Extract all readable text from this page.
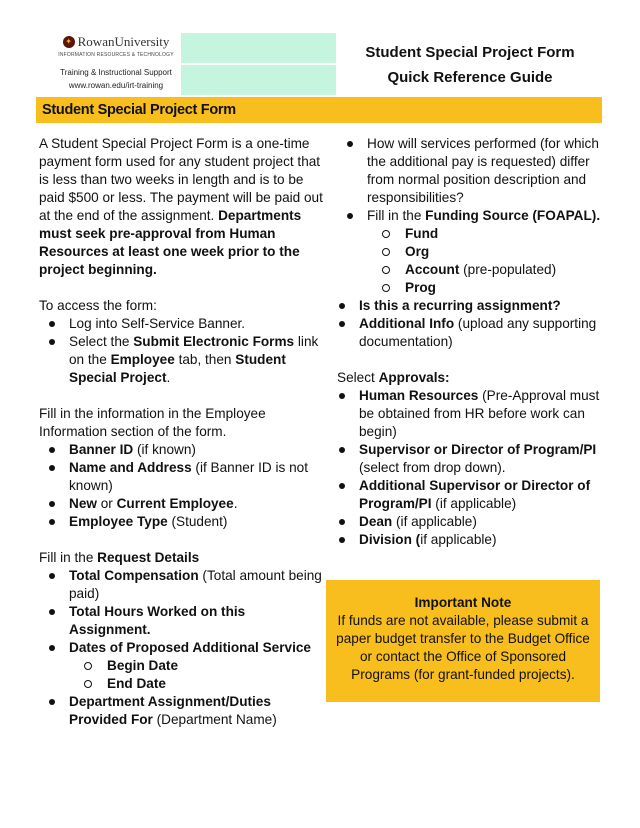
✦ RowanUniversity
INFORMATION RESOURCES & TECHNOLOGY
Training & Instructional Support
www.rowan.edu/irt-training
Student Special Project Form
Quick Reference Guide
Student Special Project Form

A Student Special Project Form is a one-time payment form used for any student project that is less than two weeks in length and is to be paid $500 or less. The payment will be paid out at the end of the assignment. Departments must seek pre-approval from Human Resources at least one week prior to the project beginning.

To access the form:

Log into Self-Service Banner.
Select the Submit Electronic Forms link on the Employee tab, then Student Special Project.

Fill in the information in the Employee Information section of the form.

Banner ID (if known)
Name and Address (if Banner ID is not known)
New or Current Employee.
Employee Type (Student)

Fill in the Request Details

Total Compensation (Total amount being paid)
Total Hours Worked on this Assignment.
Dates of Proposed Additional Service
Begin Date
End Date
Department Assignment/Duties Provided For (Department Name)
How will services performed (for which the additional pay is requested) differ from normal position description and responsibilities?
Fill in the Funding Source (FOAPAL).
Fund
Org
Account (pre-populated)
Prog
Is this a recurring assignment?
Additional Info (upload any supporting documentation)

Select Approvals:

Human Resources (Pre-Approval must be obtained from HR before work can begin)
Supervisor or Director of Program/PI (select from drop down).
Additional Supervisor or Director of Program/PI (if applicable)
Dean (if applicable)
Division (if applicable)
Important Note
If funds are not available, please submit a paper budget transfer to the Budget Office or contact the Office of Sponsored Programs (for grant-funded projects).
